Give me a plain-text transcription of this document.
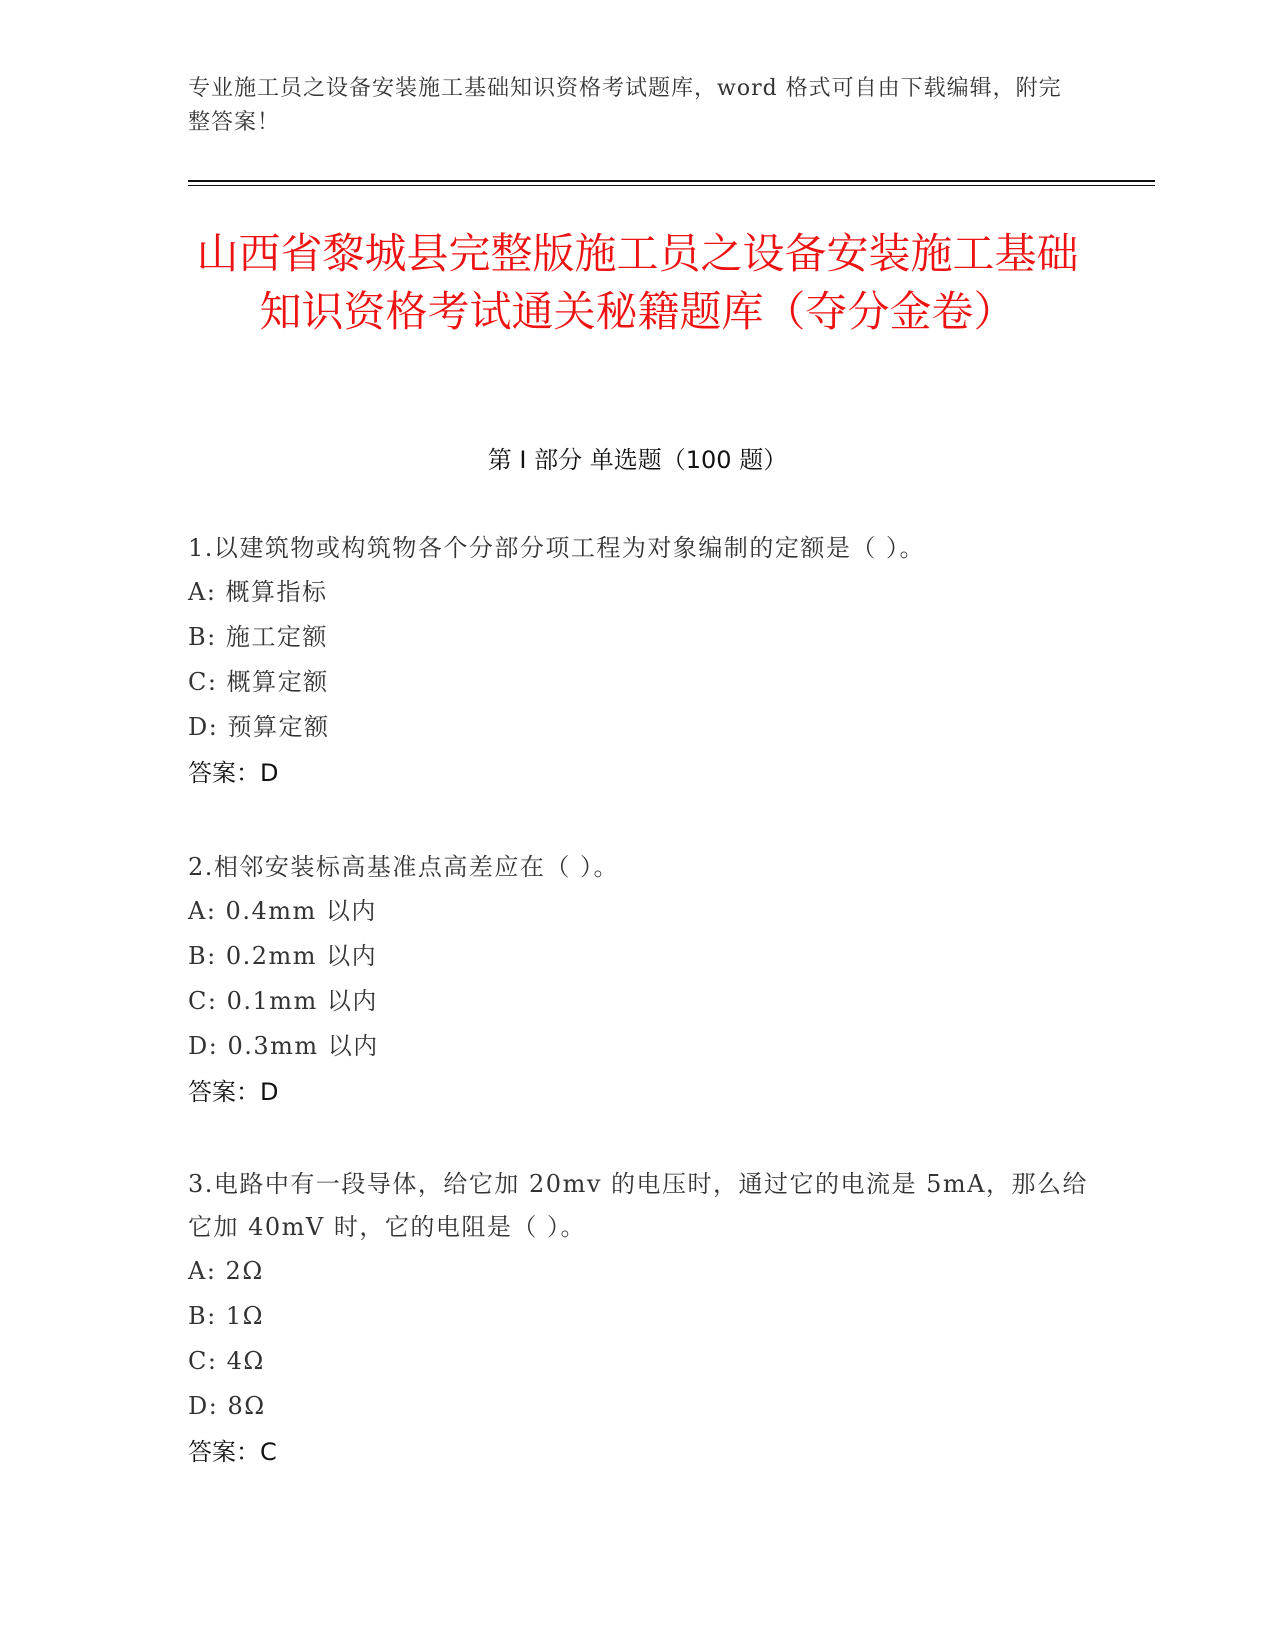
专业施工员之设备安装施工基础知识资格考试题库，word 格式可自由下载编辑，附完整答案！
山西省黎城县完整版施工员之设备安装施工基础知识资格考试通关秘籍题库（夺分金卷）
第 I 部分 单选题（100 题）
1.以建筑物或构筑物各个分部分项工程为对象编制的定额是（ ）。
A: 概算指标
B: 施工定额
C: 概算定额
D: 预算定额
答案：D
2.相邻安装标高基准点高差应在（ ）。
A: 0.4mm 以内
B: 0.2mm 以内
C: 0.1mm 以内
D: 0.3mm 以内
答案：D
3.电路中有一段导体，给它加 20mv 的电压时，通过它的电流是 5mA，那么给它加 40mV 时，它的电阻是（ ）。
A: 2Ω
B: 1Ω
C: 4Ω
D: 8Ω
答案：C
